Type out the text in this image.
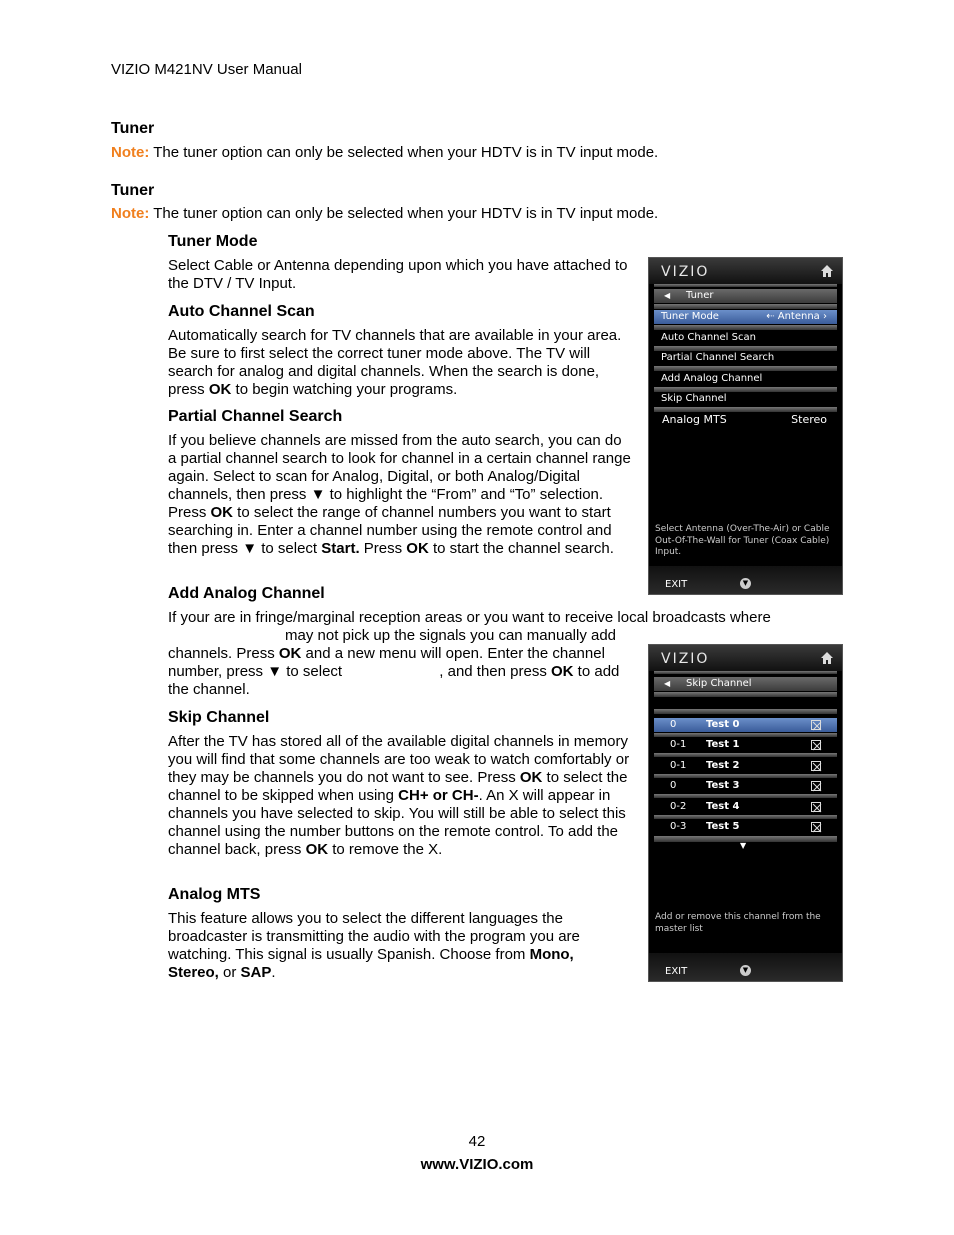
VIZIO M421NV User Manual
Tuner
Note: The tuner option can only be selected when your HDTV is in TV input mode.
Tuner
Note: The tuner option can only be selected when your HDTV is in TV input mode.
Tuner Mode
Select Cable or Antenna depending upon which you have attached to the DTV / TV Input.
Auto Channel Scan
Automatically search for TV channels that are available in your area. Be sure to first select the correct tuner mode above. The TV will search for analog and digital channels. When the search is done, press OK to begin watching your programs.
Partial Channel Search
If you believe channels are missed from the auto search, you can do a partial channel search to look for channel in a certain channel range again. Select to scan for Analog, Digital, or both Analog/Digital channels, then press ▼ to highlight the “From” and “To” selection. Press OK to select the range of channel numbers you want to start searching in. Enter a channel number using the remote control and then press ▼ to select Start. Press OK to start the channel search.
Add Analog Channel
If your are in fringe/marginal reception areas or you want to receive local broadcasts where
may not pick up the signals you can manually add channels. Press OK and a new menu will open. Enter the channel number, press ▼ to select	, and then press OK to add the channel.
Skip Channel
After the TV has stored all of the available digital channels in memory you will find that some channels are too weak to watch comfortably or they may be channels you do not want to see. Press OK to select the channel to be skipped when using CH+ or CH-. An X will appear in channels you have selected to skip. You will still be able to select this channel using the number buttons on the remote control. To add the channel back, press OK to remove the X.
Analog MTS
This feature allows you to select the different languages the broadcaster is transmitting the audio with the program you are watching. This signal is usually Spanish. Choose from Mono, Stereo, or SAP.
VIZIO
◀ Tuner
Tuner Mode	⇠ Antenna ›
Auto Channel Scan
Partial Channel Search
Add Analog Channel
Skip Channel
Analog MTS	Stereo
Select Antenna (Over-The-Air) or Cable Out-Of-The-Wall for Tuner (Coax Cable) Input.
EXIT	▼
VIZIO
◀ Skip Channel
0	Test 0
0-1 Test 1
0-1 Test 2
0	Test 3
0-2 Test 4
0-3 Test 5
▼
Add or remove this channel from the master list
EXIT	▼
42
www.VIZIO.com
